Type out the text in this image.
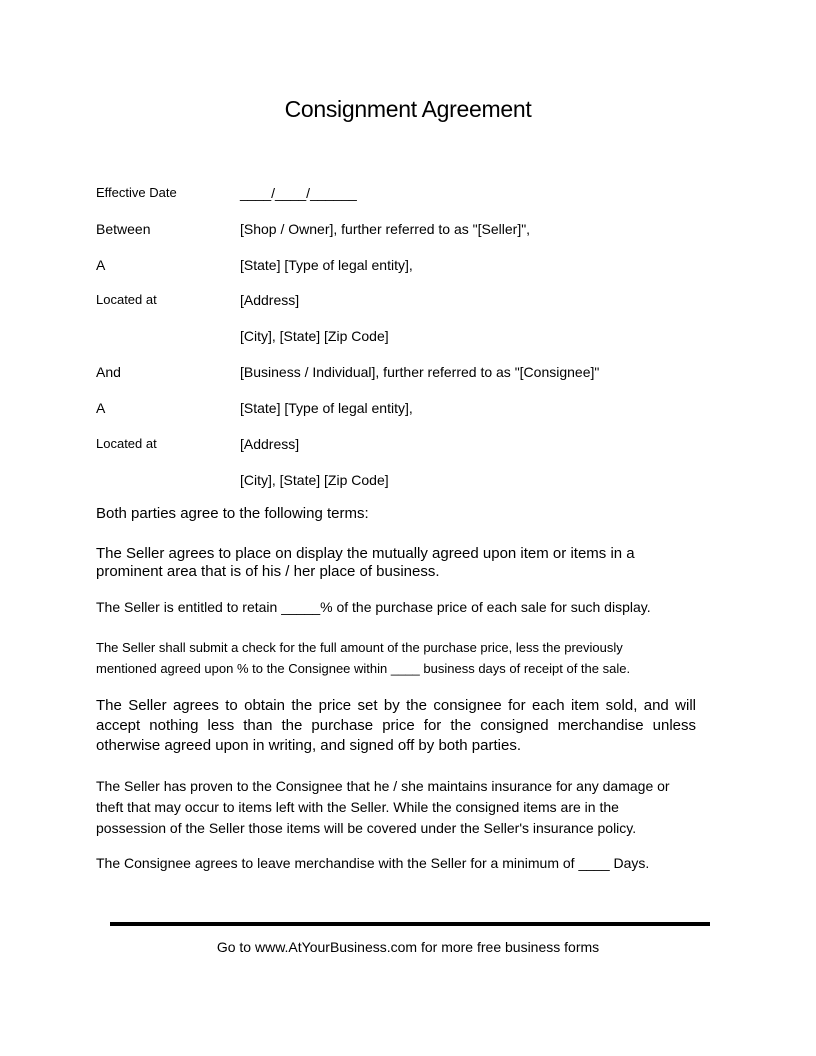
Consignment Agreement
Effective Date	____/____/______
Between	[Shop / Owner], further referred to as "[Seller]",
A	[State] [Type of legal entity],
Located at	[Address]
[City], [State] [Zip Code]
And	[Business / Individual], further referred to as "[Consignee]"
A	[State] [Type of legal entity],
Located at	[Address]
[City], [State] [Zip Code]
Both parties agree to the following terms:
The Seller agrees to place on display the mutually agreed upon item or items in a prominent area that is of his / her place of business.
The Seller is entitled to retain _____% of the purchase price of each sale for such display.
The Seller shall submit a check for the full amount of the purchase price, less the previously mentioned agreed upon % to the Consignee within ____ business days of receipt of the sale.
The Seller agrees to obtain the price set by the consignee for each item sold, and will accept nothing less than the purchase price for the consigned merchandise unless otherwise agreed upon in writing, and signed off by both parties.
The Seller has proven to the Consignee that he / she maintains insurance for any damage or theft that may occur to items left with the Seller. While the consigned items are in the possession of the Seller those items will be covered under the Seller's insurance policy.
The Consignee agrees to leave merchandise with the Seller for a minimum of ____ Days.
Go to www.AtYourBusiness.com for more free business forms
